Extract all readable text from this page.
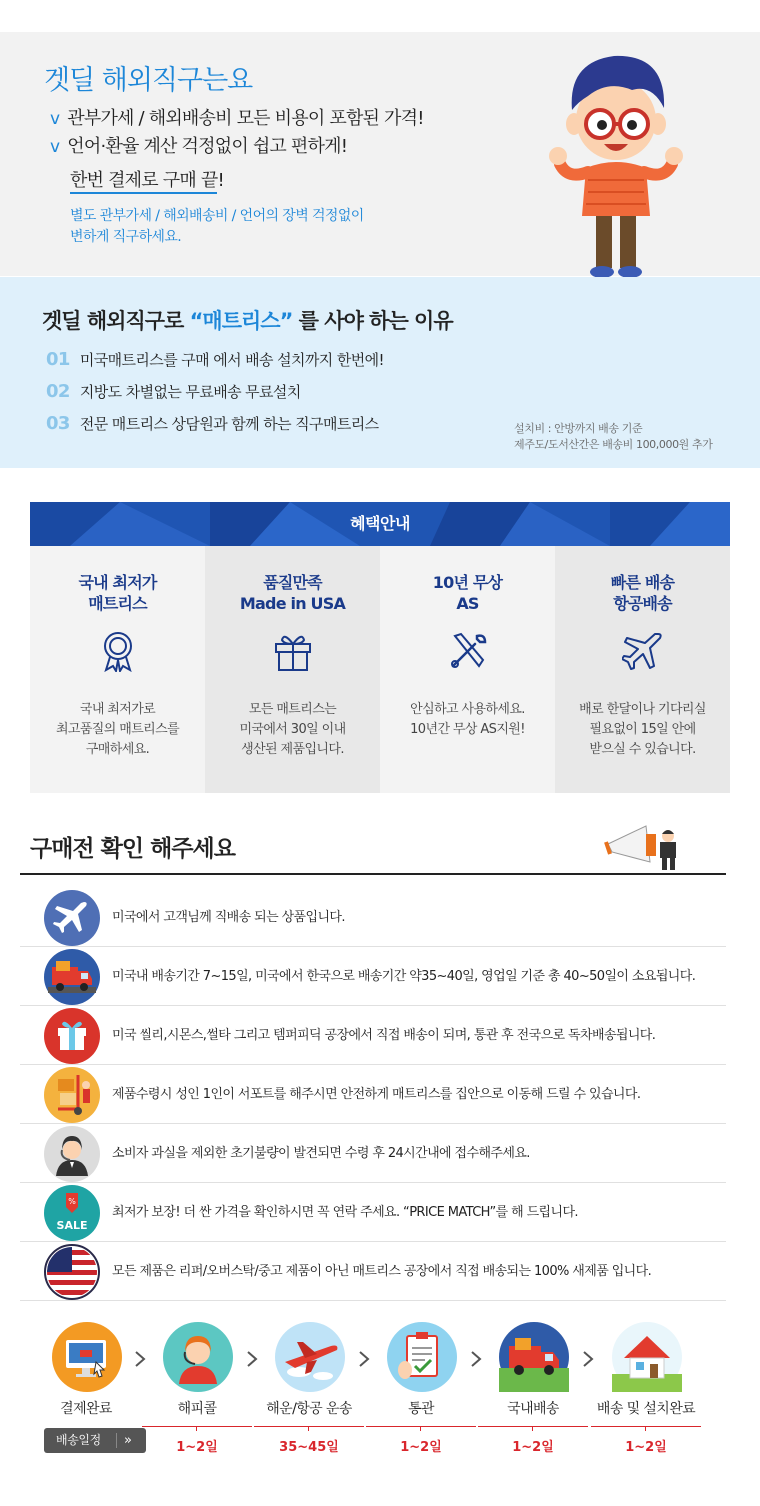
겟딜 해외직구는요
v 관부가세 / 해외배송비 모든 비용이 포함된 가격!
v 언어·환율 계산 걱정없이 쉽고 편하게!
한번 결제로 구매 끝!
별도 관부가세 / 해외배송비 / 언어의 장벽 걱정없이
변하게 직구하세요.
겟딜 해외직구로 “매트리스” 를 사야 하는 이유
01 미국매트리스를 구매 에서 배송 설치까지 한번에!
02 지방도 차별없는 무료배송 무료설치
03 전문 매트리스 상담원과 함께 하는 직구매트리스	설치비 : 안방까지 배송 기준
제주도/도서산간은 배송비 100,000원 추가
혜택안내
국내 최저가
매트리스
국내 최저가로
최고품질의 매트리스를
구매하세요.
품질만족
Made in USA
모든 매트리스는
미국에서 30일 이내
생산된 제품입니다.
10년 무상
AS
안심하고 사용하세요.
10년간 무상 AS지원!
빠른 배송
항공배송
배로 한달이나 기다리실
필요없이 15일 안에
받으실 수 있습니다.
구매전 확인 해주세요
미국에서 고객님께 직배송 되는 상품입니다.
미국내 배송기간 7~15일, 미국에서 한국으로 배송기간 약35~40일, 영업일 기준 총 40~50일이 소요됩니다.
미국 씰리,시몬스,썰타 그리고 템퍼피딕 공장에서 직접 배송이 되며, 통관 후 전국으로 독차배송됩니다.
제품수령시 성인 1인이 서포트를 해주시면 안전하게 매트리스를 집안으로 이동해 드릴 수 있습니다.
소비자 과실을 제외한 초기불량이 발견되면 수령 후 24시간내에 접수해주세요.
%
SALE
최저가 보장! 더 싼 가격을 확인하시면 꼭 연락 주세요. “PRICE MATCH”를 해 드립니다.
모든 제품은 리퍼/오버스탁/중고 제품이 아닌 매트리스 공장에서 직접 배송되는 100% 새제품 입니다.
결제완료	해피콜	해운/항공 운송	통관	국내배송	배송 및 설치완료
배송일정 »	1~2일	35~45일	1~2일	1~2일	1~2일
